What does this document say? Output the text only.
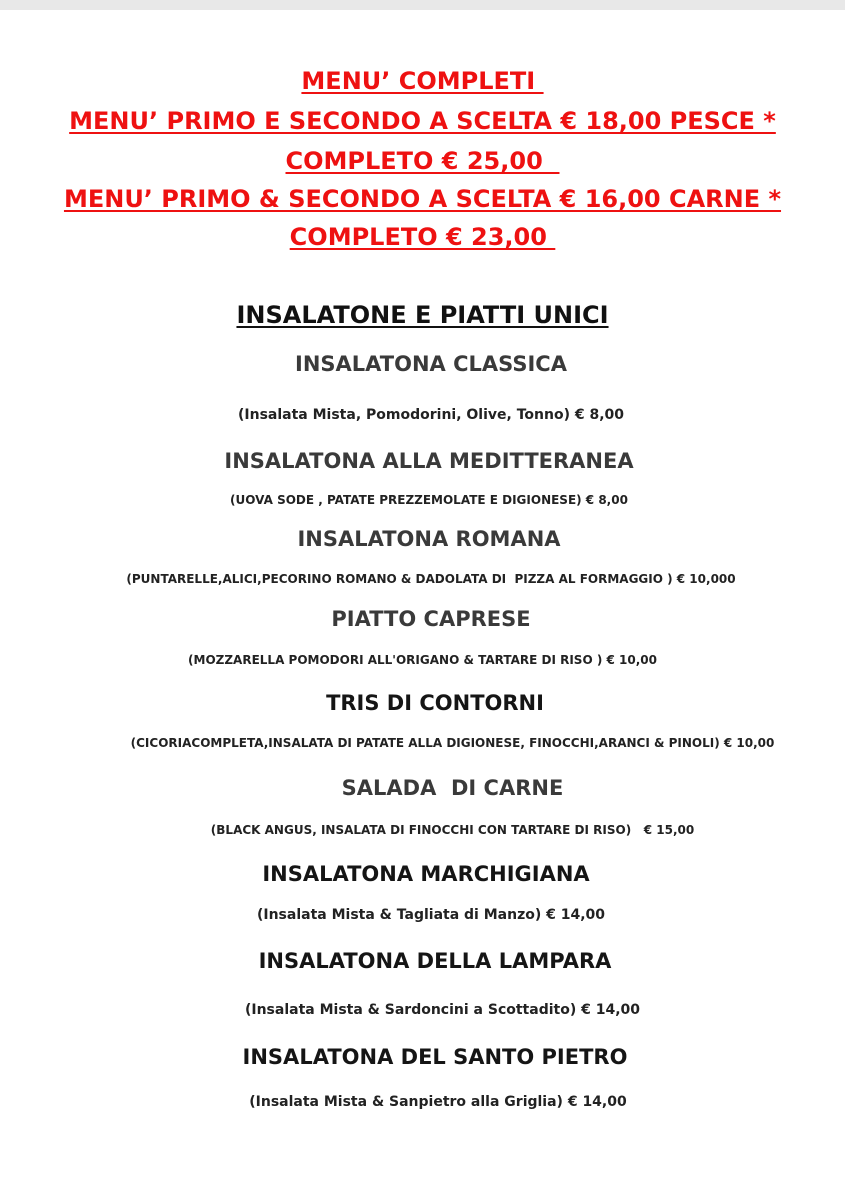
MENU’ COMPLETI
MENU’ PRIMO E SECONDO A SCELTA € 18,00 PESCE *
COMPLETO € 25,00
MENU’ PRIMO & SECONDO A SCELTA € 16,00 CARNE *
COMPLETO € 23,00
INSALATONE E PIATTI UNICI
INSALATONA CLASSICA
(Insalata Mista, Pomodorini, Olive, Tonno) € 8,00
INSALATONA ALLA MEDITTERANEA
(UOVA SODE , PATATE PREZZEMOLATE E DIGIONESE) € 8,00
INSALATONA ROMANA
(PUNTARELLE,ALICI,PECORINO ROMANO & DADOLATA DI  PIZZA AL FORMAGGIO ) € 10,000
PIATTO CAPRESE
(MOZZARELLA POMODORI ALL'ORIGANO & TARTARE DI RISO ) € 10,00
TRIS DI CONTORNI
(CICORIACOMPLETA,INSALATA DI PATATE ALLA DIGIONESE, FINOCCHI,ARANCI & PINOLI) € 10,00
SALADA  DI CARNE
(BLACK ANGUS, INSALATA DI FINOCCHI CON TARTARE DI RISO)   € 15,00
INSALATONA MARCHIGIANA
(Insalata Mista & Tagliata di Manzo) € 14,00
INSALATONA DELLA LAMPARA
(Insalata Mista & Sardoncini a Scottadito) € 14,00
INSALATONA DEL SANTO PIETRO
(Insalata Mista & Sanpietro alla Griglia) € 14,00
